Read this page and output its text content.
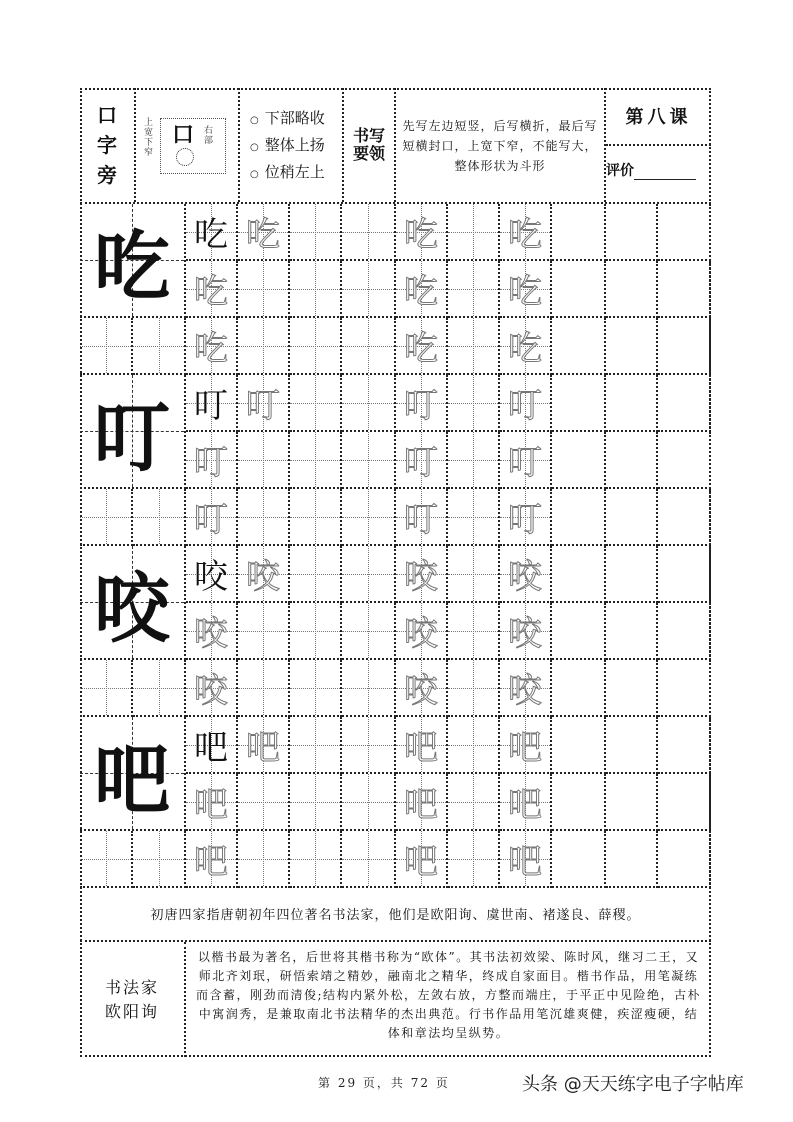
口
字
旁
上宽下窄
口 右部
○ 下部略收
○ 整体上扬
○ 位稍左上
书写
要领
先写左边短竖，后写横折，最后写短横封口，上宽下窄，不能写大，整体形状为斗形
第八课
评价
吃 吃 吃	吃 吃
吃	吃 吃
吃	吃 吃
叮 叮 叮	叮 叮
叮	叮 叮
叮	叮 叮
咬 咬 咬	咬 咬
咬	咬 咬
咬	咬 咬
吧 吧 吧	吧 吧
吧	吧 吧
吧	吧 吧
初唐四家指唐朝初年四位著名书法家，他们是欧阳询、虞世南、褚遂良、薛稷。
书法家
欧阳询
以楷书最为著名，后世将其楷书称为“欧体”。其书法初效梁、陈时风，继习二王，又师北齐刘珉，研悟索靖之精妙，融南北之精华，终成自家面目。楷书作品，用笔凝练而含蓄，刚劲而清俊;结构内紧外松，左敛右放，方整而端庄，于平正中见险绝，古朴中寓润秀，是兼取南北书法精华的杰出典范。行书作品用笔沉雄爽健，疾涩瘦硬，结体和章法均呈纵势。
第 29 页，共 72 页	头条 @天天练字电子字帖库
